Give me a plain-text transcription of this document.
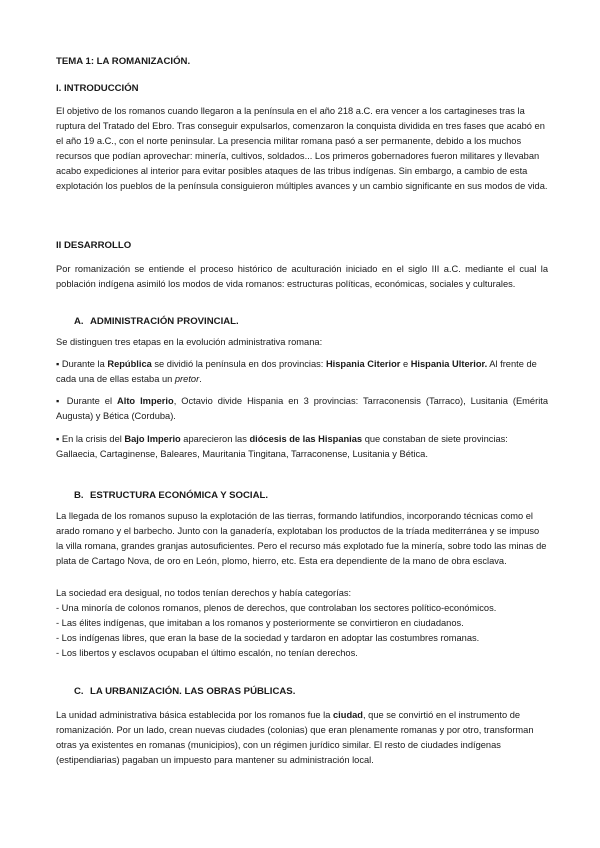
TEMA 1: LA ROMANIZACIÓN.
I. INTRODUCCIÓN

El objetivo de los romanos cuando llegaron a la península en el año 218 a.C. era vencer a los cartagineses tras la ruptura del Tratado del Ebro. Tras conseguir expulsarlos, comenzaron la conquista dividida en tres fases que acabó en el año 19 a.C., con el norte peninsular. La presencia militar romana pasó a ser permanente, debido a los muchos recursos que podían aprovechar: minería, cultivos, soldados... Los primeros gobernadores fueron militares y llevaban acabo expediciones al interior para evitar posibles ataques de las tribus indígenas. Sin embargo, a cambio de esta explotación los pueblos de la península consiguieron múltiples avances y un cambio significante en sus modos de vida.

II DESARROLLO

Por romanización se entiende el proceso histórico de aculturación iniciado en el siglo III a.C. mediante el cual la población indígena asimiló los modos de vida romanos: estructuras políticas, económicas, sociales y culturales.

A. ADMINISTRACIÓN PROVINCIAL.

Se distinguen tres etapas en la evolución administrativa romana:

▪ Durante la República se dividió la península en dos provincias: Hispania Citerior e Hispania Ulterior. Al frente de cada una de ellas estaba un pretor.

▪ Durante el Alto Imperio, Octavio divide Hispania en 3 provincias: Tarraconensis (Tarraco), Lusitania (Emérita Augusta) y Bética (Corduba).

▪ En la crisis del Bajo Imperio aparecieron las diócesis de las Hispanias que constaban de siete provincias: Gallaecia, Cartaginense, Baleares, Mauritania Tingitana, Tarraconense, Lusitania y Bética.

B. ESTRUCTURA ECONÓMICA Y SOCIAL.

La llegada de los romanos supuso la explotación de las tierras, formando latifundios, incorporando técnicas como el arado romano y el barbecho. Junto con la ganadería, explotaban los productos de la tríada mediterránea y se impuso la villa romana, grandes granjas autosuficientes. Pero el recurso más explotado fue la minería, sobre todo las minas de plata de Cartago Nova, de oro en León, plomo, hierro, etc. Esta era dependiente de la mano de obra esclava.

La sociedad era desigual, no todos tenían derechos y había categorías:

- Una minoría de colonos romanos, plenos de derechos, que controlaban los sectores político-económicos.
- Las élites indígenas, que imitaban a los romanos y posteriormente se convirtieron en ciudadanos.
- Los indígenas libres, que eran la base de la sociedad y tardaron en adoptar las costumbres romanas.
- Los libertos y esclavos ocupaban el último escalón, no tenían derechos.
C. LA URBANIZACIÓN. LAS OBRAS PÚBLICAS.

La unidad administrativa básica establecida por los romanos fue la ciudad, que se convirtió en el instrumento de romanización. Por un lado, crean nuevas ciudades (colonias) que eran plenamente romanas y por otro, transforman otras ya existentes en romanas (municipios), con un régimen jurídico similar. El resto de ciudades indígenas (estipendiarias) pagaban un impuesto para mantener su administración local.
